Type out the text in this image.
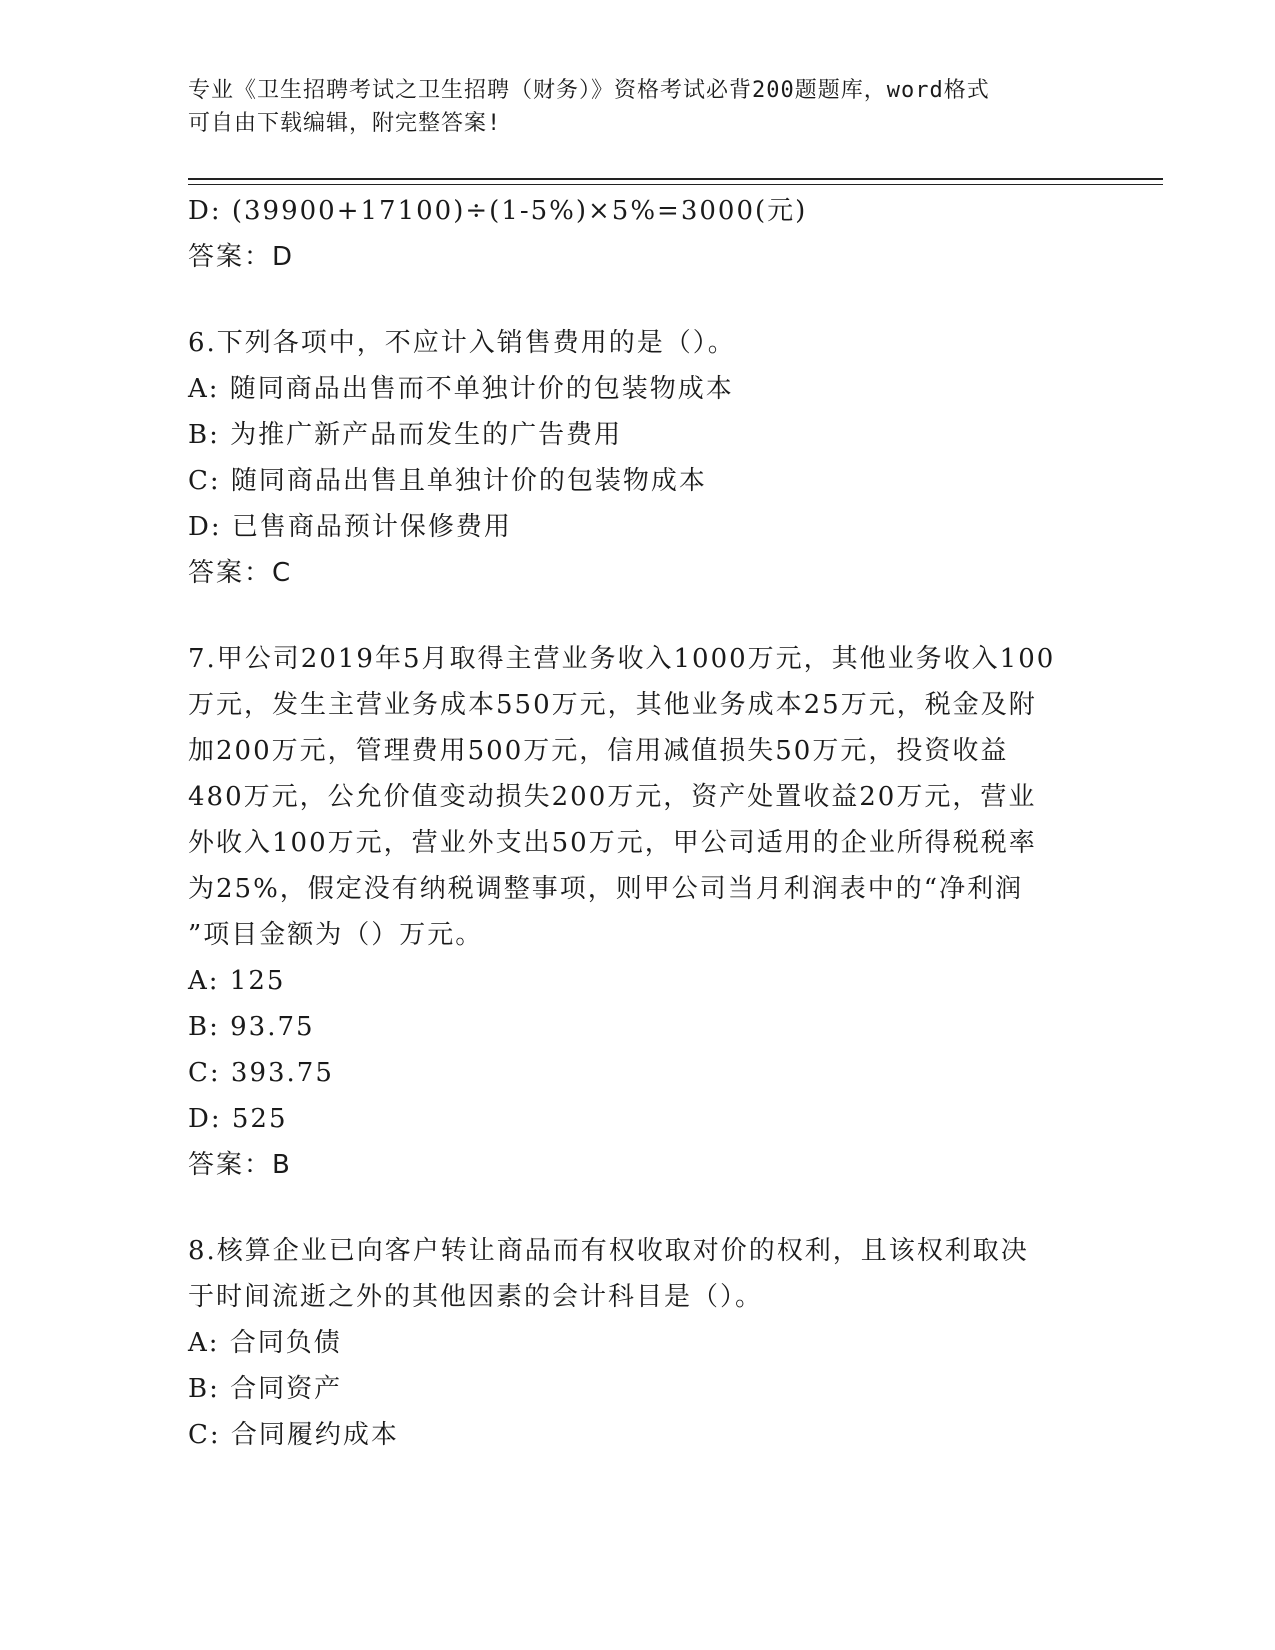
专业《卫生招聘考试之卫生招聘（财务）》资格考试必背200题题库，word格式
可自由下载编辑，附完整答案!
D: (39900+17100)÷(1-5%)×5%=3000(元)
答案：D
6.下列各项中，不应计入销售费用的是（）。
A: 随同商品出售而不单独计价的包装物成本
B: 为推广新产品而发生的广告费用
C: 随同商品出售且单独计价的包装物成本
D: 已售商品预计保修费用
答案：C
7.甲公司2019年5月取得主营业务收入1000万元，其他业务收入100
万元，发生主营业务成本550万元，其他业务成本25万元，税金及附
加200万元，管理费用500万元，信用减值损失50万元，投资收益
480万元，公允价值变动损失200万元，资产处置收益20万元，营业
外收入100万元，营业外支出50万元，甲公司适用的企业所得税税率
为25%，假定没有纳税调整事项，则甲公司当月利润表中的“净利润
”项目金额为（）万元。
A: 125
B: 93.75
C: 393.75
D: 525
答案：B
8.核算企业已向客户转让商品而有权收取对价的权利，且该权利取决
于时间流逝之外的其他因素的会计科目是（）。
A: 合同负债
B: 合同资产
C: 合同履约成本
